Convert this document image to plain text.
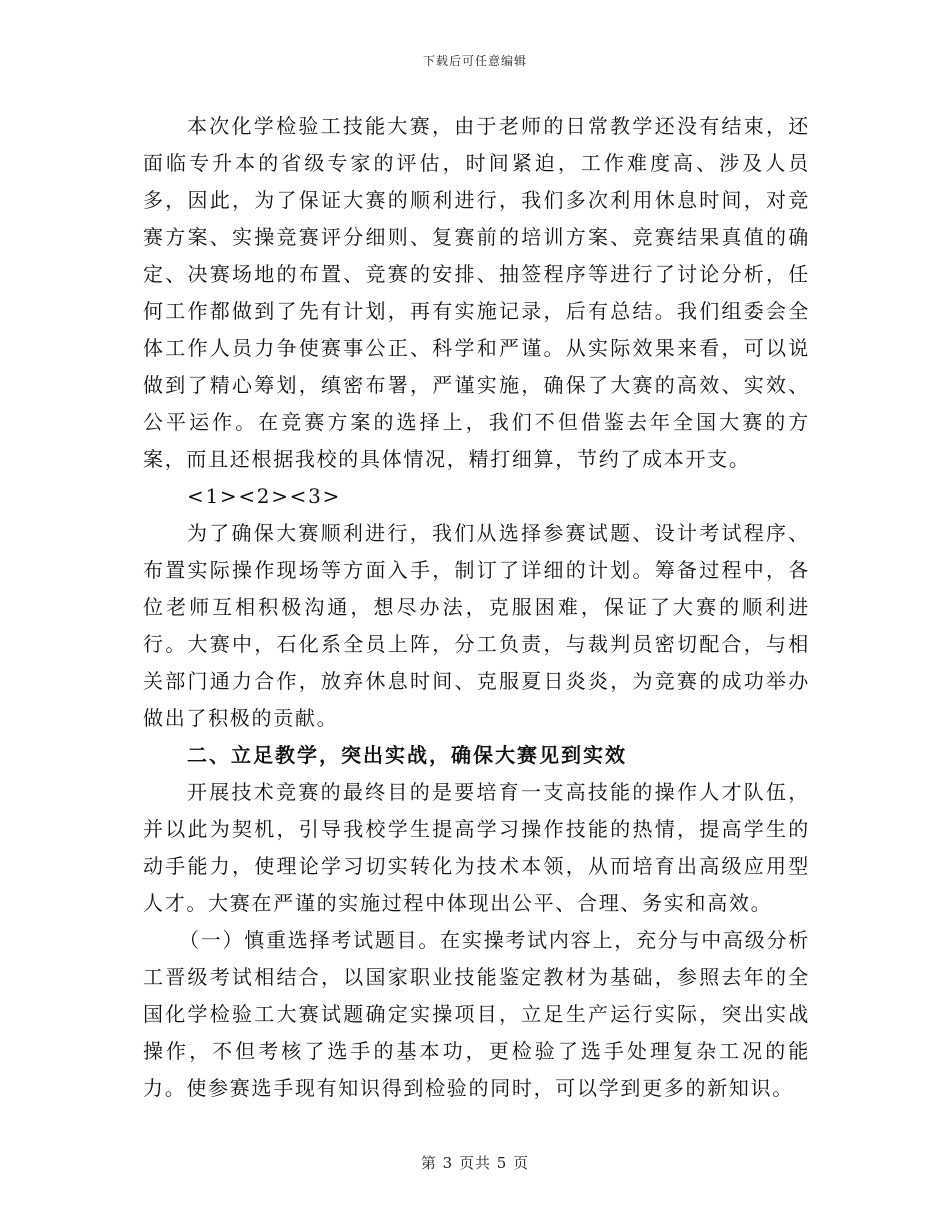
下载后可任意编辑

本次化学检验工技能大赛，由于老师的日常教学还没有结束，还面临专升本的省级专家的评估，时间紧迫，工作难度高、涉及人员多，因此，为了保证大赛的顺利进行，我们多次利用休息时间，对竞赛方案、实操竞赛评分细则、复赛前的培训方案、竞赛结果真值的确定、决赛场地的布置、竞赛的安排、抽签程序等进行了讨论分析，任何工作都做到了先有计划，再有实施记录，后有总结。我们组委会全体工作人员力争使赛事公正、科学和严谨。从实际效果来看，可以说做到了精心筹划，缜密布署，严谨实施，确保了大赛的高效、实效、公平运作。在竞赛方案的选择上，我们不但借鉴去年全国大赛的方案，而且还根据我校的具体情况，精打细算，节约了成本开支。

<1><2><3>

为了确保大赛顺利进行，我们从选择参赛试题、设计考试程序、布置实际操作现场等方面入手，制订了详细的计划。筹备过程中，各位老师互相积极沟通，想尽办法，克服困难，保证了大赛的顺利进行。大赛中，石化系全员上阵，分工负责，与裁判员密切配合，与相关部门通力合作，放弃休息时间、克服夏日炎炎，为竞赛的成功举办做出了积极的贡献。

二、立足教学，突出实战，确保大赛见到实效

开展技术竞赛的最终目的是要培育一支高技能的操作人才队伍，并以此为契机，引导我校学生提高学习操作技能的热情，提高学生的动手能力，使理论学习切实转化为技术本领，从而培育出高级应用型人才。大赛在严谨的实施过程中体现出公平、合理、务实和高效。

（一）慎重选择考试题目。在实操考试内容上，充分与中高级分析工晋级考试相结合，以国家职业技能鉴定教材为基础，参照去年的全国化学检验工大赛试题确定实操项目，立足生产运行实际，突出实战操作，不但考核了选手的基本功，更检验了选手处理复杂工况的能力。使参赛选手现有知识得到检验的同时，可以学到更多的新知识。

第 3 页共 5 页
